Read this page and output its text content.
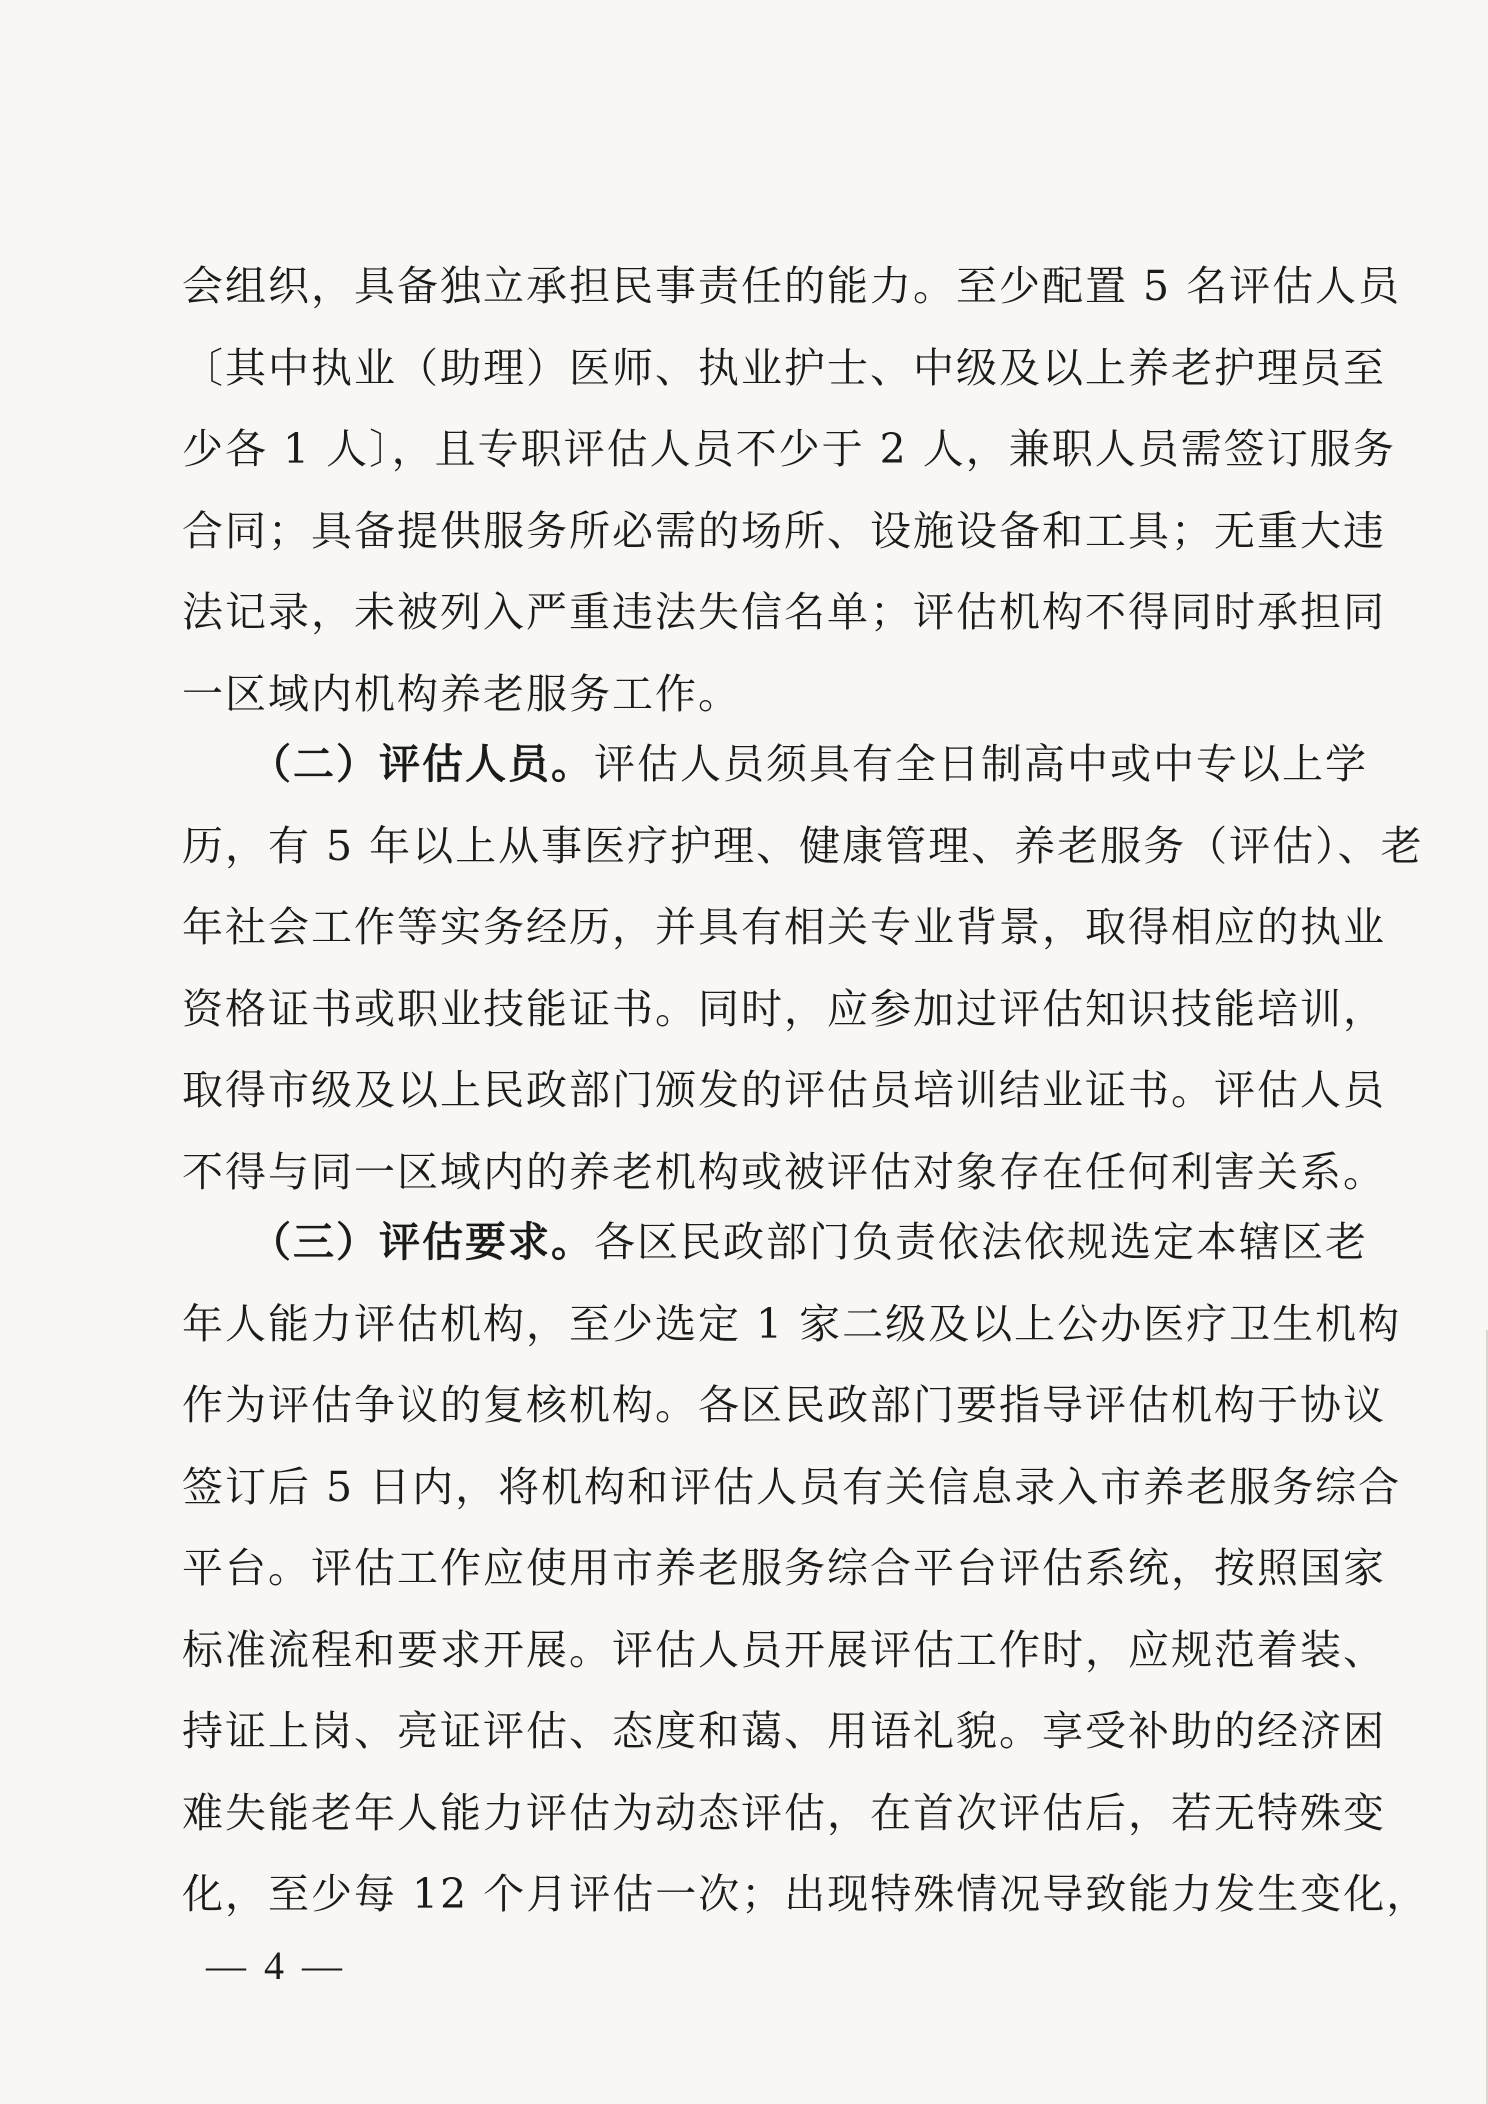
会组织，具备独立承担民事责任的能力。至少配置 5 名评估人员
〔其中执业（助理）医师、执业护士、中级及以上养老护理员至
少各 1 人〕，且专职评估人员不少于 2 人，兼职人员需签订服务
合同；具备提供服务所必需的场所、设施设备和工具；无重大违
法记录，未被列入严重违法失信名单；评估机构不得同时承担同
一区域内机构养老服务工作。
（二）评估人员。评估人员须具有全日制高中或中专以上学
历，有 5 年以上从事医疗护理、健康管理、养老服务（评估）、老
年社会工作等实务经历，并具有相关专业背景，取得相应的执业
资格证书或职业技能证书。同时，应参加过评估知识技能培训，
取得市级及以上民政部门颁发的评估员培训结业证书。评估人员
不得与同一区域内的养老机构或被评估对象存在任何利害关系。
（三）评估要求。各区民政部门负责依法依规选定本辖区老
年人能力评估机构，至少选定 1 家二级及以上公办医疗卫生机构
作为评估争议的复核机构。各区民政部门要指导评估机构于协议
签订后 5 日内，将机构和评估人员有关信息录入市养老服务综合
平台。评估工作应使用市养老服务综合平台评估系统，按照国家
标准流程和要求开展。评估人员开展评估工作时，应规范着装、
持证上岗、亮证评估、态度和蔼、用语礼貌。享受补助的经济困
难失能老年人能力评估为动态评估，在首次评估后，若无特殊变
化，至少每 12 个月评估一次；出现特殊情况导致能力发生变化，
— 4 —
